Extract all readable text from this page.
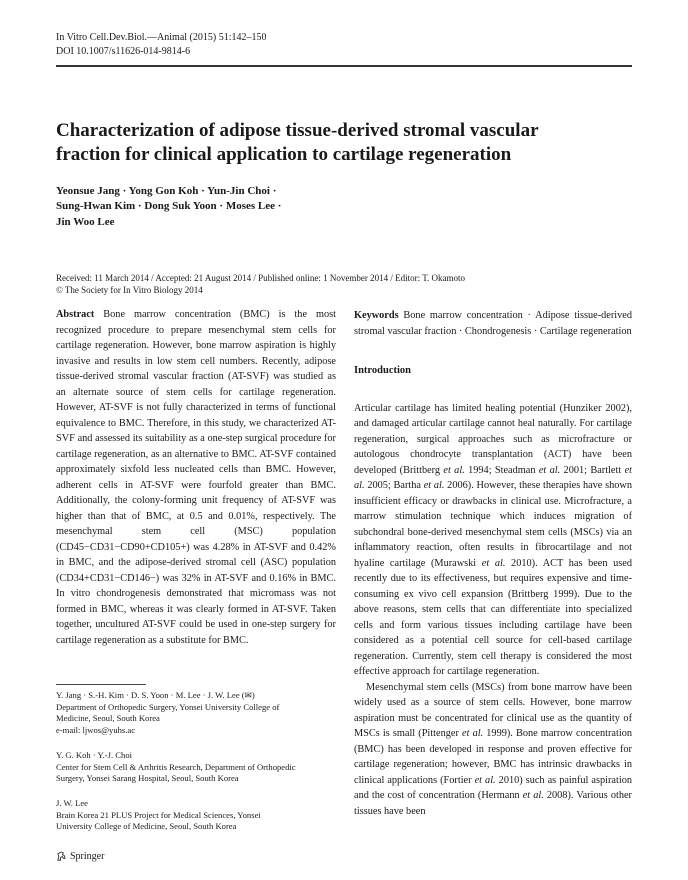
In Vitro Cell.Dev.Biol.—Animal (2015) 51:142–150
DOI 10.1007/s11626-014-9814-6
Characterization of adipose tissue-derived stromal vascular
fraction for clinical application to cartilage regeneration
Yeonsue Jang · Yong Gon Koh · Yun-Jin Choi ·
Sung-Hwan Kim · Dong Suk Yoon · Moses Lee ·
Jin Woo Lee
Received: 11 March 2014 / Accepted: 21 August 2014 / Published online: 1 November 2014 / Editor: T. Okamoto
© The Society for In Vitro Biology 2014
Abstract Bone marrow concentration (BMC) is the most recognized procedure to prepare mesenchymal stem cells for cartilage regeneration. However, bone marrow aspiration is highly invasive and results in low stem cell numbers. Recently, adipose tissue-derived stromal vascular fraction (AT-SVF) was studied as an alternate source of stem cells for cartilage regeneration. However, AT-SVF is not fully characterized in terms of functional equivalence to BMC. Therefore, in this study, we characterized AT-SVF and assessed its suitability as a one-step surgical procedure for cartilage regeneration, as an alternative to BMC. AT-SVF contained approximately sixfold less nucleated cells than BMC. However, adherent cells in AT-SVF were fourfold greater than BMC. Additionally, the colony-forming unit frequency of AT-SVF was higher than that of BMC, at 0.5 and 0.01%, respectively. The mesenchymal stem cell (MSC) population (CD45−CD31−CD90+CD105+) was 4.28% in AT-SVF and 0.42% in BMC, and the adipose-derived stromal cell (ASC) population (CD34+CD31−CD146−) was 32% in AT-SVF and 0.16% in BMC. In vitro chondrogenesis demonstrated that micromass was not formed in BMC, whereas it was clearly formed in AT-SVF. Taken together, uncultured AT-SVF could be used in one-step surgery for cartilage regeneration as a substitute for BMC.
Y. Jang · S.-H. Kim · D. S. Yoon · M. Lee · J. W. Lee (✉)
Department of Orthopedic Surgery, Yonsei University College of
Medicine, Seoul, South Korea
e-mail: ljwos@yuhs.ac
Y. G. Koh · Y.-J. Choi
Center for Stem Cell & Arthritis Research, Department of Orthopedic
Surgery, Yonsei Sarang Hospital, Seoul, South Korea
J. W. Lee
Brain Korea 21 PLUS Project for Medical Sciences, Yonsei
University College of Medicine, Seoul, South Korea
Keywords Bone marrow concentration · Adipose tissue-derived stromal vascular fraction · Chondrogenesis · Cartilage regeneration
Introduction

Articular cartilage has limited healing potential (Hunziker 2002), and damaged articular cartilage cannot heal naturally. For cartilage regeneration, surgical approaches such as microfracture or autologous chondrocyte transplantation (ACT) have been developed (Brittberg et al. 1994; Steadman et al. 2001; Bartlett et al. 2005; Bartha et al. 2006). However, these therapies have shown insufficient efficacy or drawbacks in clinical use. Microfracture, a marrow stimulation technique which induces migration of subchondral bone-derived mesenchymal stem cells (MSCs) via an inflammatory reaction, often results in fibrocartilage and not hyaline cartilage (Murawski et al. 2010). ACT has been used recently due to its effectiveness, but requires expensive and time-consuming ex vivo cell expansion (Brittberg 1999). Due to the above reasons, stem cells that can differentiate into specialized cells and form various tissues including cartilage have been considered as a potential cell source for cell-based cartilage regeneration. Currently, stem cell therapy is considered the most effective approach for cartilage regeneration.

Mesenchymal stem cells (MSCs) from bone marrow have been widely used as a source of stem cells. However, bone marrow aspiration must be concentrated for clinical use as the quantity of MSCs is small (Pittenger et al. 1999). Bone marrow concentration (BMC) has been developed in response and proven effective for cartilage regeneration; however, BMC has intrinsic drawbacks in clinical applications (Fortier et al. 2010) such as painful aspiration and the cost of concentration (Hermann et al. 2008). Various other tissues have been

Springer
